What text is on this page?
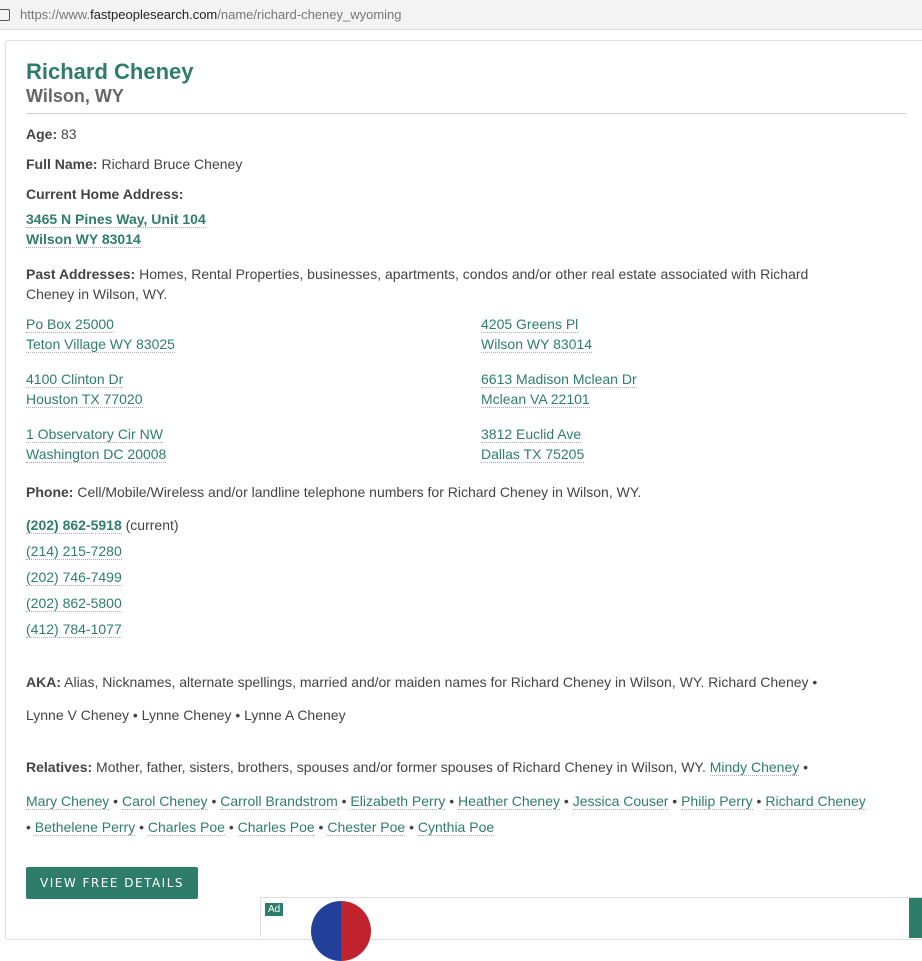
https://www. fastpeoplesearch.com /name/richard-cheney_wyoming
Richard Cheney
Wilson, WY
Age: 83
Full Name: Richard Bruce Cheney
Current Home Address:
3465 N Pines Way, Unit 104
Wilson WY 83014
Past Addresses: Homes, Rental Properties, businesses, apartments, condos and/or other real estate associated with Richard
Cheney in Wilson, WY.
Po Box 25000
Teton Village WY 83025
4205 Greens Pl
Wilson WY 83014
4100 Clinton Dr
Houston TX 77020
6613 Madison Mclean Dr
Mclean VA 22101
1 Observatory Cir NW
Washington DC 20008
3812 Euclid Ave
Dallas TX 75205
Phone: Cell/Mobile/Wireless and/or landline telephone numbers for Richard Cheney in Wilson, WY.
(202) 862-5918 (current)
(214) 215-7280
(202) 746-7499
(202) 862-5800
(412) 784-1077

AKA: Alias, Nicknames, alternate spellings, married and/or maiden names for Richard Cheney in Wilson, WY. Richard Cheney •
Lynne V Cheney • Lynne Cheney • Lynne A Cheney
Relatives: Mother, father, sisters, brothers, spouses and/or former spouses of Richard Cheney in Wilson, WY. Mindy Cheney •
Mary Cheney • Carol Cheney • Carroll Brandstrom • Elizabeth Perry • Heather Cheney • Jessica Couser • Philip Perry • Richard Cheney
• Bethelene Perry • Charles Poe • Charles Poe • Chester Poe • Cynthia Poe
VIEW FREE DETAILS
Ad
